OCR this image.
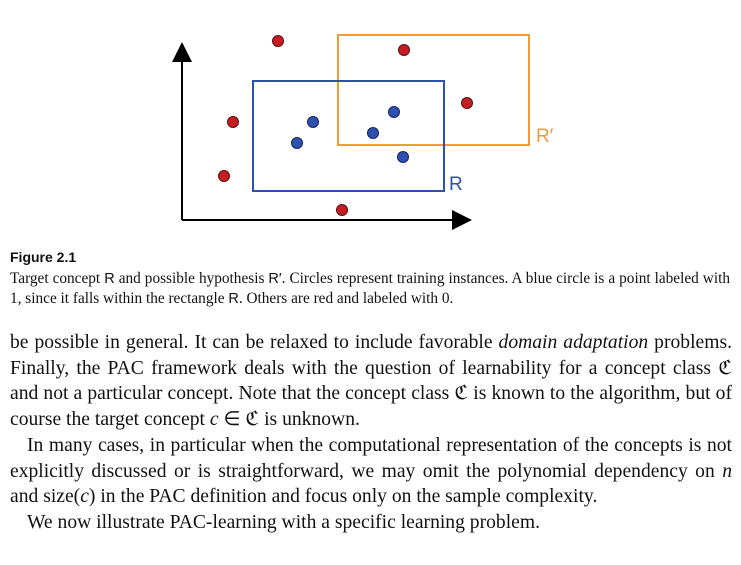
R′
R
Figure 2.1
Target concept R and possible hypothesis R′. Circles represent training instances. A blue circle is a point labeled with 1, since it falls within the rectangle R. Others are red and labeled with 0.

be possible in general. It can be relaxed to include favorable domain adaptation problems. Finally, the PAC framework deals with the question of learnability for a concept class ℭ and not a particular concept. Note that the concept class ℭ is known to the algorithm, but of course the target concept c ∈ ℭ is unknown.

In many cases, in particular when the computational representation of the concepts is not explicitly discussed or is straightforward, we may omit the polynomial dependency on n and size(c) in the PAC definition and focus only on the sample complexity.

We now illustrate PAC-learning with a specific learning problem.
